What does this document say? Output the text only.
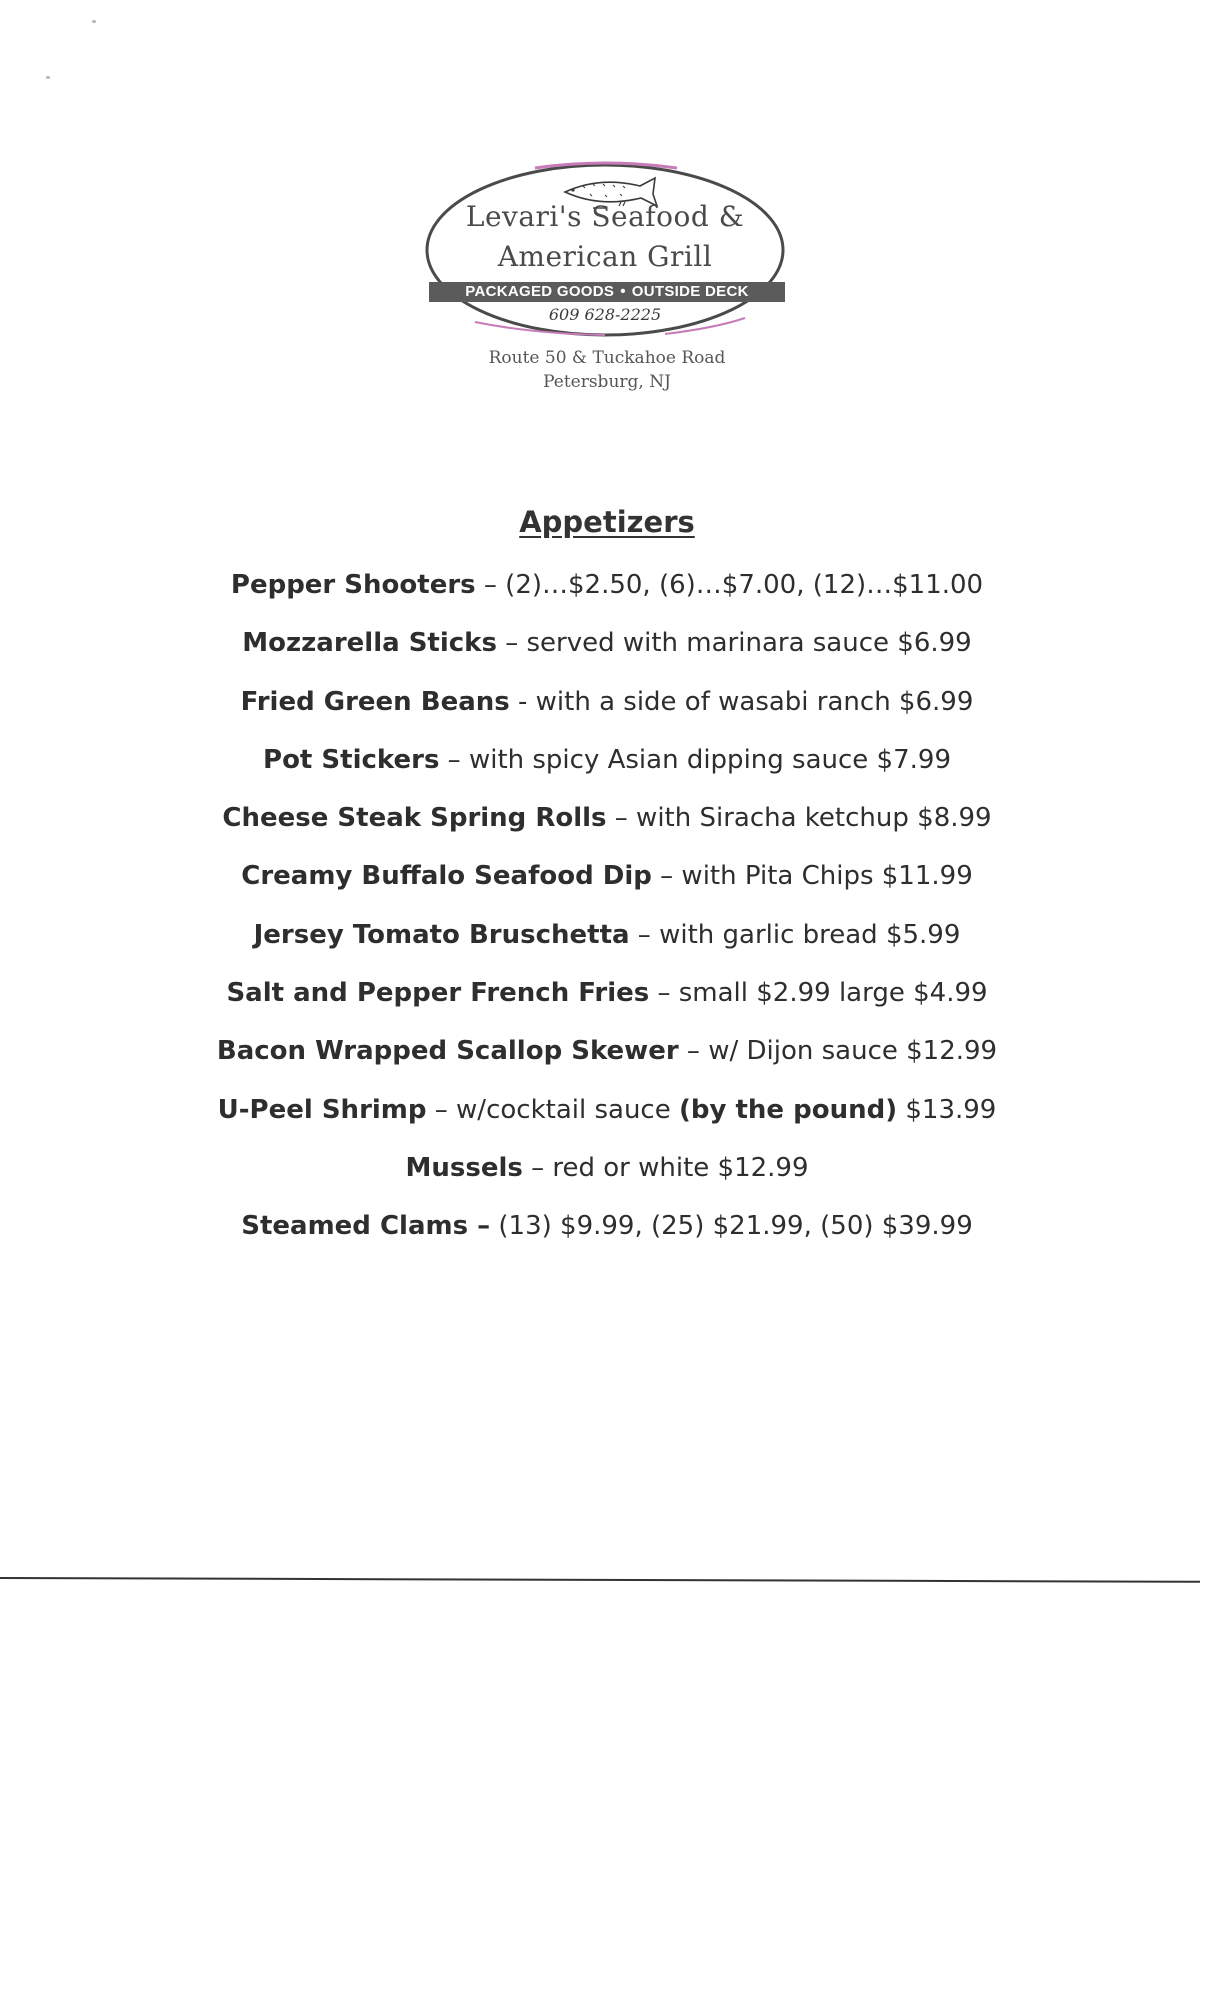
Levari's Seafood &
American Grill
PACKAGED GOODS • OUTSIDE DECK
609 628-2225
Route 50 & Tuckahoe Road
Petersburg, NJ
Appetizers
Pepper Shooters – (2)…$2.50, (6)…$7.00, (12)…$11.00
Mozzarella Sticks – served with marinara sauce $6.99
Fried Green Beans - with a side of wasabi ranch $6.99
Pot Stickers – with spicy Asian dipping sauce $7.99
Cheese Steak Spring Rolls – with Siracha ketchup $8.99
Creamy Buffalo Seafood Dip – with Pita Chips $11.99
Jersey Tomato Bruschetta – with garlic bread $5.99
Salt and Pepper French Fries – small $2.99 large $4.99
Bacon Wrapped Scallop Skewer – w/ Dijon sauce $12.99
U-Peel Shrimp – w/cocktail sauce (by the pound) $13.99
Mussels – red or white $12.99
Steamed Clams – (13) $9.99, (25) $21.99, (50) $39.99
